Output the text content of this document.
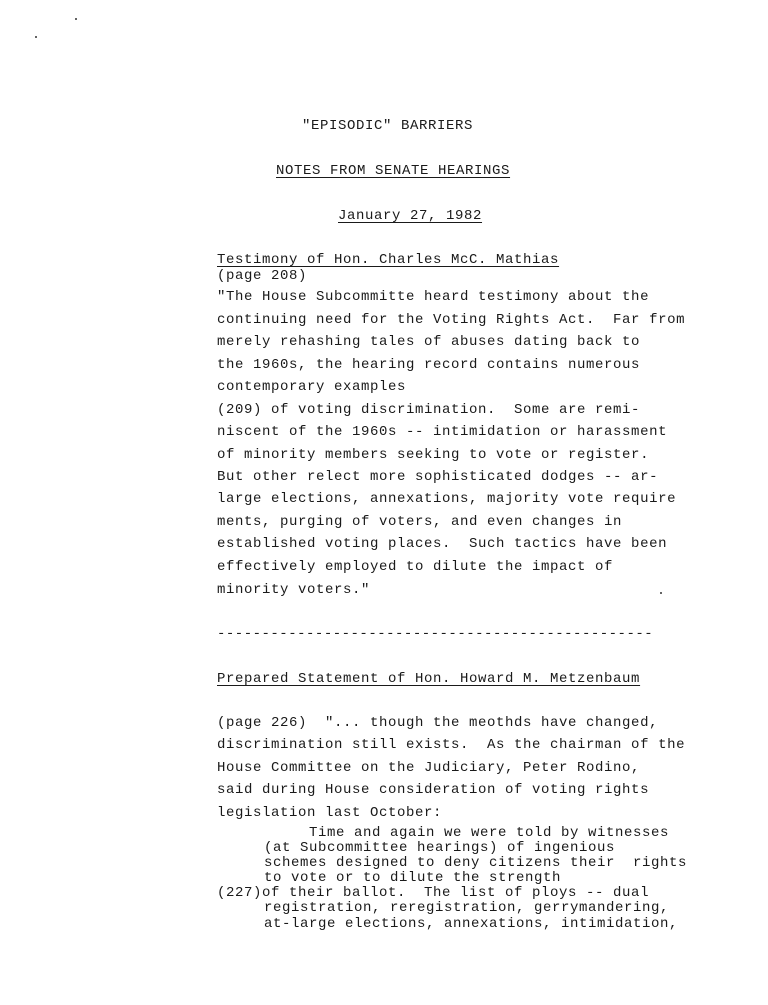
"EPISODIC" BARRIERS
NOTES FROM SENATE HEARINGS
January 27, 1982
Testimony of Hon. Charles McC. Mathias
(page 208)
"The House Subcommitte heard testimony about the
continuing need for the Voting Rights Act.  Far from
merely rehashing tales of abuses dating back to
the 1960s, the hearing record contains numerous
contemporary examples
(209) of voting discrimination.  Some are remi-
niscent of the 1960s -- intimidation or harassment
of minority members seeking to vote or register.
But other relect more sophisticated dodges -- ar-
large elections, annexations, majority vote require
ments, purging of voters, and even changes in
established voting places.  Such tactics have been
effectively employed to dilute the impact of
minority voters."
-------------------------------------------------
Prepared Statement of Hon. Howard M. Metzenbaum
(page 226)  "... though the meothds have changed,
discrimination still exists.  As the chairman of the
House Committee on the Judiciary, Peter Rodino,
said during House consideration of voting rights
legislation last October:
Time and again we were told by witnesses
(at Subcommittee hearings) of ingenious
schemes designed to deny citizens their  rights
to vote or to dilute the strength
(227)of their ballot.  The list of ploys -- dual
registration, reregistration, gerrymandering,
at-large elections, annexations, intimidation,
